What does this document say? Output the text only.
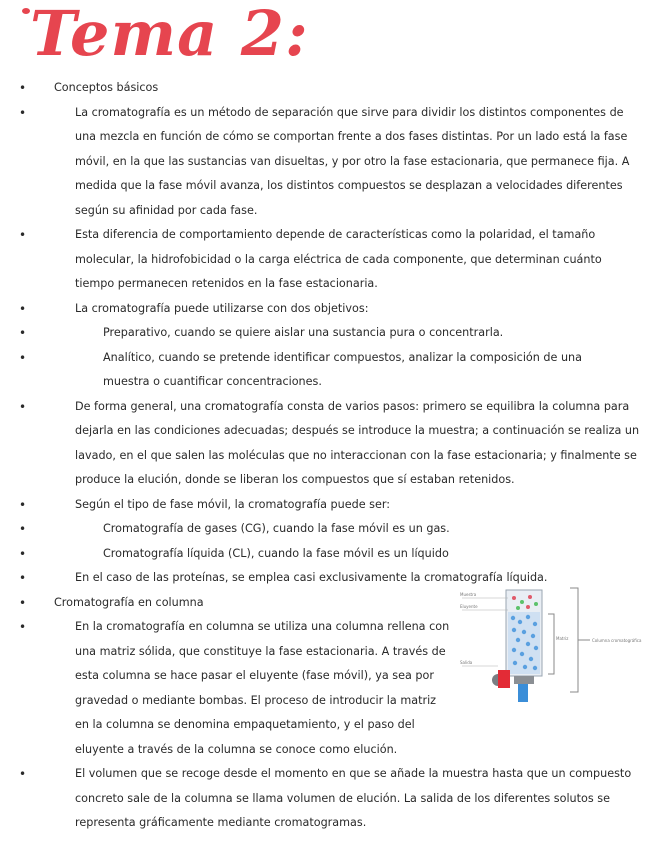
Tema 2:
• Conceptos básicos
•	La cromatografía es un método de separación que sirve para dividir los distintos componentes de una mezcla en función de cómo se comportan frente a dos fases distintas. Por un lado está la fase móvil, en la que las sustancias van disueltas, y por otro la fase estacionaria, que permanece fija. A medida que la fase móvil avanza, los distintos compuestos se desplazan a velocidades diferentes según su afinidad por cada fase.
•	Esta diferencia de comportamiento depende de características como la polaridad, el tamaño molecular, la hidrofobicidad o la carga eléctrica de cada componente, que determinan cuánto tiempo permanecen retenidos en la fase estacionaria.
•	La cromatografía puede utilizarse con dos objetivos:
•	Preparativo, cuando se quiere aislar una sustancia pura o concentrarla.
•	Analítico, cuando se pretende identificar compuestos, analizar la composición de una muestra o cuantificar concentraciones.
•	De forma general, una cromatografía consta de varios pasos: primero se equilibra la columna para dejarla en las condiciones adecuadas; después se introduce la muestra; a continuación se realiza un lavado, en el que salen las moléculas que no interaccionan con la fase estacionaria; y finalmente se produce la elución, donde se liberan los compuestos que sí estaban retenidos.
•	Según el tipo de fase móvil, la cromatografía puede ser:
•	Cromatografía de gases (CG), cuando la fase móvil es un gas.
•	Cromatografía líquida (CL), cuando la fase móvil es un líquido
•	En el caso de las proteínas, se emplea casi exclusivamente la cromatografía líquida.
• Cromatografía en columna
•	En la cromatografía en columna se utiliza una columna rellena con una matriz sólida, que constituye la fase estacionaria. A través de esta columna se hace pasar el eluyente (fase móvil), ya sea por gravedad o mediante bombas. El proceso de introducir la matriz en la columna se denomina empaquetamiento, y el paso del eluyente a través de la columna se conoce como elución.
•	El volumen que se recoge desde el momento en que se añade la muestra hasta que un compuesto concreto sale de la columna se llama volumen de elución. La salida de los diferentes solutos se representa gráficamente mediante cromatogramas.
Muestra
Eluyente
Matriz	Columna cromatográfica
Salida
